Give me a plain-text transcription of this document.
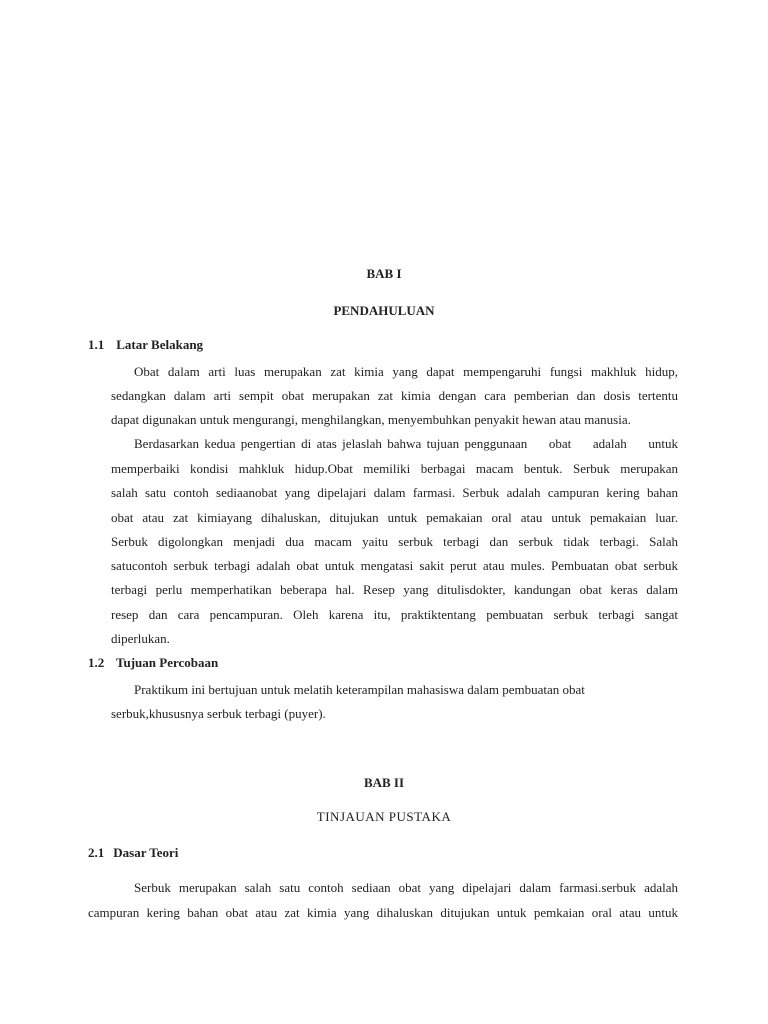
BAB I
PENDAHULUAN
1.1 Latar Belakang
Obat dalam arti luas merupakan zat kimia yang dapat mempengaruhi fungsi makhluk hidup,
sedangkan dalam arti sempit obat merupakan zat kimia dengan cara pemberian dan dosis tertentu
dapat digunakan untuk mengurangi, menghilangkan, menyembuhkan penyakit hewan atau manusia.
Berdasarkan kedua pengertian di atas jelaslah bahwa tujuan penggunaan    obat    adalah    untuk
memperbaiki kondisi mahkluk hidup.Obat memiliki berbagai macam bentuk. Serbuk merupakan
salah satu contoh sediaanobat yang dipelajari dalam farmasi. Serbuk adalah campuran kering bahan
obat atau zat kimiayang dihaluskan, ditujukan untuk pemakaian oral atau untuk pemakaian luar.
Serbuk digolongkan menjadi dua macam yaitu serbuk terbagi dan serbuk tidak terbagi. Salah
satucontoh serbuk terbagi adalah obat untuk mengatasi sakit perut atau mules. Pembuatan obat serbuk
terbagi perlu memperhatikan beberapa hal. Resep yang ditulisdokter, kandungan obat keras dalam
resep dan cara pencampuran. Oleh karena itu, praktiktentang pembuatan serbuk terbagi sangat
diperlukan.
1.2 Tujuan Percobaan
Praktikum ini bertujuan untuk melatih keterampilan mahasiswa dalam pembuatan obat
serbuk,khususnya serbuk terbagi (puyer).
BAB II
TINJAUAN PUSTAKA
2.1 Dasar Teori
Serbuk merupakan salah satu contoh sediaan obat yang dipelajari dalam farmasi.serbuk adalah
campuran kering bahan obat atau zat kimia yang dihaluskan ditujukan untuk pemkaian oral atau untuk
